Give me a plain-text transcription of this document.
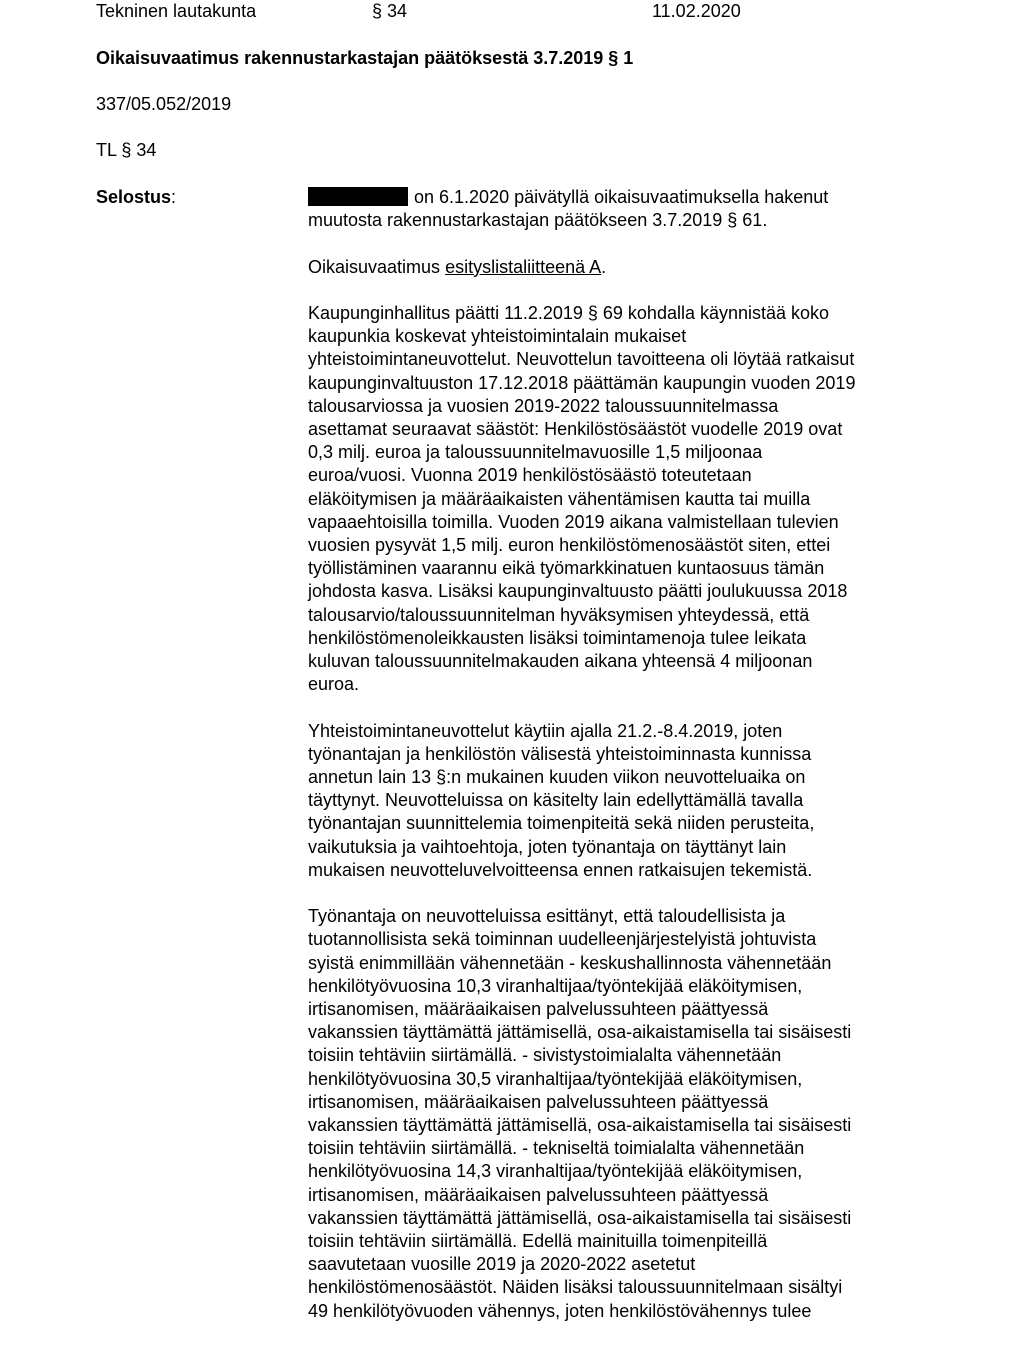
Tekninen lautakunta	§ 34	11.02.2020
Oikaisuvaatimus rakennustarkastajan päätöksestä 3.7.2019 § 1
337/05.052/2019
TL § 34
Selostus:	on 6.1.2020 päivätyllä oikaisuvaatimuksella hakenut
muutosta rakennustarkastajan päätökseen 3.7.2019 § 61.
Oikaisuvaatimus esityslistaliitteenä A.
Kaupunginhallitus päätti 11.2.2019 § 69 kohdalla käynnistää koko
kaupunkia koskevat yhteistoimintalain mukaiset
yhteistoimintaneuvottelut. Neuvottelun tavoitteena oli löytää ratkaisut
kaupunginvaltuuston 17.12.2018 päättämän kaupungin vuoden 2019
talousarviossa ja vuosien 2019-2022 taloussuunnitelmassa
asettamat seuraavat säästöt: Henkilöstösäästöt vuodelle 2019 ovat
0,3 milj. euroa ja taloussuunnitelmavuosille 1,5 miljoonaa
euroa/vuosi. Vuonna 2019 henkilöstösäästö toteutetaan
eläköitymisen ja määräaikaisten vähentämisen kautta tai muilla
vapaaehtoisilla toimilla. Vuoden 2019 aikana valmistellaan tulevien
vuosien pysyvät 1,5 milj. euron henkilöstömenosäästöt siten, ettei
työllistäminen vaarannu eikä työmarkkinatuen kuntaosuus tämän
johdosta kasva. Lisäksi kaupunginvaltuusto päätti joulukuussa 2018
talousarvio/taloussuunnitelman hyväksymisen yhteydessä, että
henkilöstömenoleikkausten lisäksi toimintamenoja tulee leikata
kuluvan taloussuunnitelmakauden aikana yhteensä 4 miljoonan
euroa.
Yhteistoimintaneuvottelut käytiin ajalla 21.2.-8.4.2019, joten
työnantajan ja henkilöstön välisestä yhteistoiminnasta kunnissa
annetun lain 13 §:n mukainen kuuden viikon neuvotteluaika on
täyttynyt. Neuvotteluissa on käsitelty lain edellyttämällä tavalla
työnantajan suunnittelemia toimenpiteitä sekä niiden perusteita,
vaikutuksia ja vaihtoehtoja, joten työnantaja on täyttänyt lain
mukaisen neuvotteluvelvoitteensa ennen ratkaisujen tekemistä.
Työnantaja on neuvotteluissa esittänyt, että taloudellisista ja
tuotannollisista sekä toiminnan uudelleenjärjestelyistä johtuvista
syistä enimmillään vähennetään - keskushallinnosta vähennetään
henkilötyövuosina 10,3 viranhaltijaa/työntekijää eläköitymisen,
irtisanomisen, määräaikaisen palvelussuhteen päättyessä
vakanssien täyttämättä jättämisellä, osa-aikaistamisella tai sisäisesti
toisiin tehtäviin siirtämällä. - sivistystoimialalta vähennetään
henkilötyövuosina 30,5 viranhaltijaa/työntekijää eläköitymisen,
irtisanomisen, määräaikaisen palvelussuhteen päättyessä
vakanssien täyttämättä jättämisellä, osa-aikaistamisella tai sisäisesti
toisiin tehtäviin siirtämällä. - tekniseltä toimialalta vähennetään
henkilötyövuosina 14,3 viranhaltijaa/työntekijää eläköitymisen,
irtisanomisen, määräaikaisen palvelussuhteen päättyessä
vakanssien täyttämättä jättämisellä, osa-aikaistamisella tai sisäisesti
toisiin tehtäviin siirtämällä. Edellä mainituilla toimenpiteillä
saavutetaan vuosille 2019 ja 2020-2022 asetetut
henkilöstömenosäästöt. Näiden lisäksi taloussuunnitelmaan sisältyi
49 henkilötyövuoden vähennys, joten henkilöstövähennys tulee
